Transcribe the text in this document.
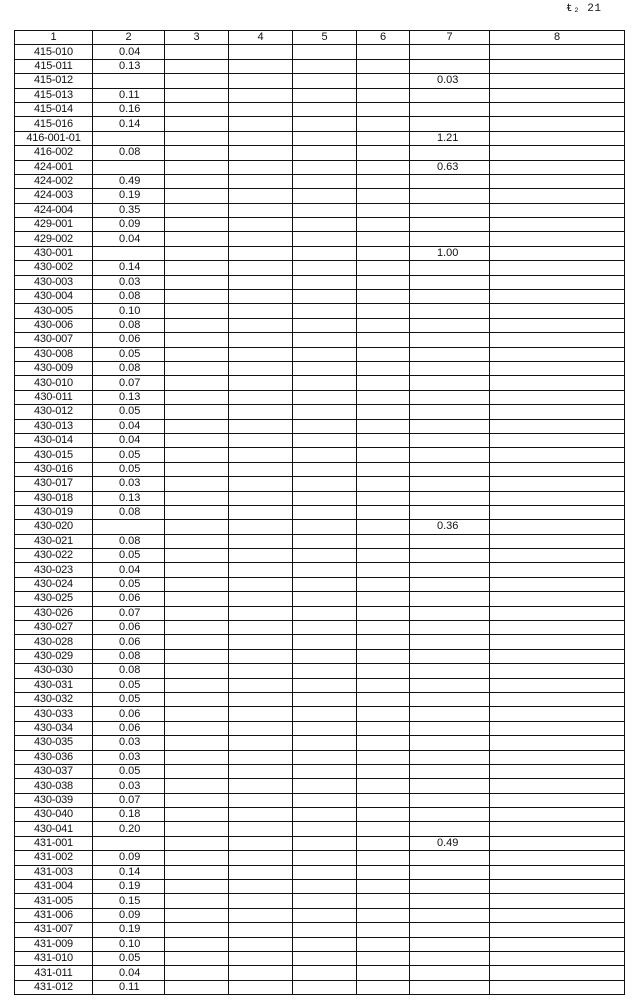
ᵵ₂ 21
1	2	3	4	5	6	7	8
415-010	0.04						
415-011	0.13						
415-012						0.03	
415-013	0.11						
415-014	0.16						
415-016	0.14						
416-001-01						1.21	
416-002	0.08						
424-001						0.63	
424-002	0.49						
424-003	0.19						
424-004	0.35						
429-001	0.09						
429-002	0.04						
430-001						1.00	
430-002	0.14						
430-003	0.03						
430-004	0.08						
430-005	0.10						
430-006	0.08						
430-007	0.06						
430-008	0.05						
430-009	0.08						
430-010	0.07						
430-011	0.13						
430-012	0.05						
430-013	0.04						
430-014	0.04						
430-015	0.05						
430-016	0.05						
430-017	0.03						
430-018	0.13						
430-019	0.08						
430-020						0.36	
430-021	0.08						
430-022	0.05						
430-023	0.04						
430-024	0.05						
430-025	0.06						
430-026	0.07						
430-027	0.06						
430-028	0.06						
430-029	0.08						
430-030	0.08						
430-031	0.05						
430-032	0.05						
430-033	0.06						
430-034	0.06						
430-035	0.03						
430-036	0.03						
430-037	0.05						
430-038	0.03						
430-039	0.07						
430-040	0.18						
430-041	0.20						
431-001						0.49	
431-002	0.09						
431-003	0.14						
431-004	0.19						
431-005	0.15						
431-006	0.09						
431-007	0.19						
431-009	0.10						
431-010	0.05						
431-011	0.04						
431-012	0.11						
